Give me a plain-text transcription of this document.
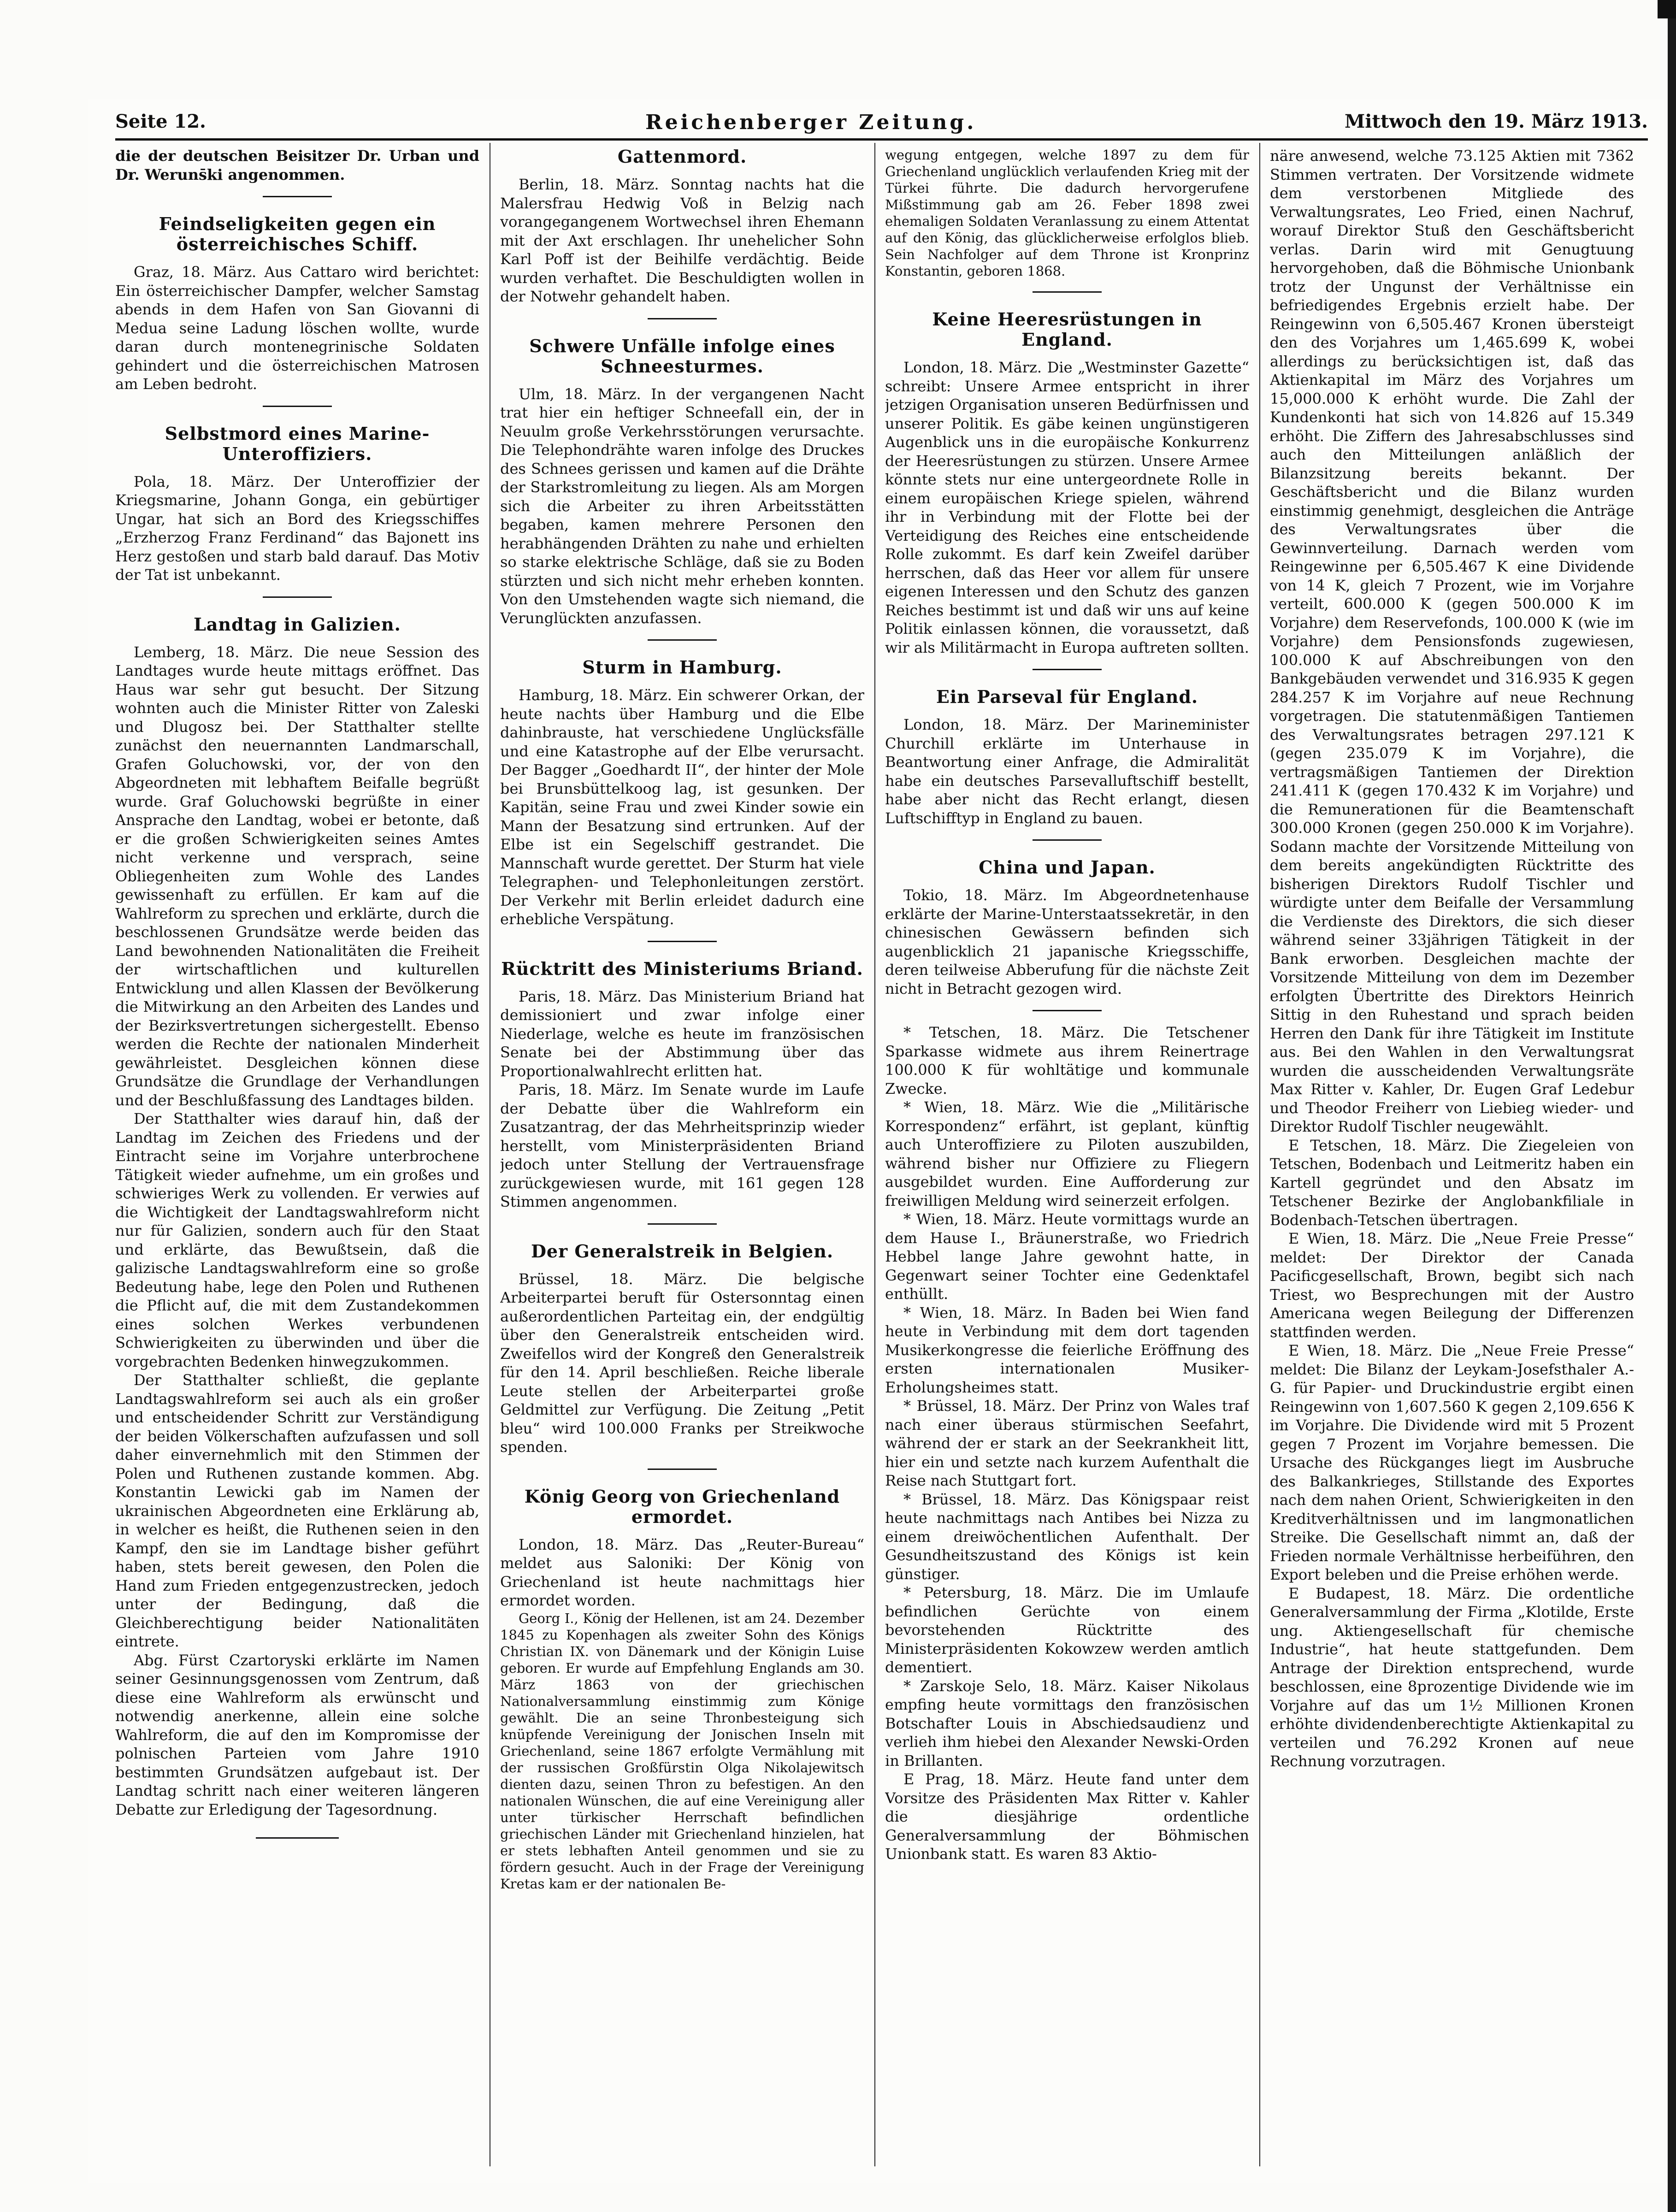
Seite 12.	Reichenberger Zeitung.	Mittwoch den 19. März 1913.

die der deutschen Beisitzer Dr. Urban und Dr. Weruns̄ki angenommen.

Feindseligkeiten gegen ein österreichisches Schiff.

Graz, 18. März. Aus Cattaro wird berichtet: Ein österreichischer Dampfer, welcher Samstag abends in dem Hafen von San Giovanni di Medua seine Ladung löschen wollte, wurde daran durch montenegrinische Soldaten gehindert und die österreichischen Matrosen am Leben bedroht.

Selbstmord eines Marine-Unteroffiziers.

Pola, 18. März. Der Unteroffizier der Kriegsmarine, Johann Gonga, ein gebürtiger Ungar, hat sich an Bord des Kriegsschiffes „Erzherzog Franz Ferdinand“ das Bajonett ins Herz gestoßen und starb bald darauf. Das Motiv der Tat ist unbekannt.

Landtag in Galizien.

Lemberg, 18. März. Die neue Session des Landtages wurde heute mittags eröffnet. Das Haus war sehr gut besucht. Der Sitzung wohnten auch die Minister Ritter von Zaleski und Dlugosz bei. Der Statthalter stellte zunächst den neuernannten Landmarschall, Grafen Goluchowski, vor, der von den Abgeordneten mit lebhaftem Beifalle begrüßt wurde. Graf Goluchowski begrüßte in einer Ansprache den Landtag, wobei er betonte, daß er die großen Schwierigkeiten seines Amtes nicht verkenne und versprach, seine Obliegenheiten zum Wohle des Landes gewissenhaft zu erfüllen. Er kam auf die Wahlreform zu sprechen und erklärte, durch die beschlossenen Grundsätze werde beiden das Land bewohnenden Nationalitäten die Freiheit der wirtschaftlichen und kulturellen Entwicklung und allen Klassen der Bevölkerung die Mitwirkung an den Arbeiten des Landes und der Bezirksvertretungen sichergestellt. Ebenso werden die Rechte der nationalen Minderheit gewährleistet. Desgleichen können diese Grundsätze die Grundlage der Verhandlungen und der Beschlußfassung des Landtages bilden.

Der Statthalter wies darauf hin, daß der Landtag im Zeichen des Friedens und der Eintracht seine im Vorjahre unterbrochene Tätigkeit wieder aufnehme, um ein großes und schwieriges Werk zu vollenden. Er verwies auf die Wichtigkeit der Landtagswahlreform nicht nur für Galizien, sondern auch für den Staat und erklärte, das Bewußtsein, daß die galizische Landtagswahlreform eine so große Bedeutung habe, lege den Polen und Ruthenen die Pflicht auf, die mit dem Zustandekommen eines solchen Werkes verbundenen Schwierigkeiten zu überwinden und über die vorgebrachten Bedenken hinwegzukommen.

Der Statthalter schließt, die geplante Landtagswahlreform sei auch als ein großer und entscheidender Schritt zur Verständigung der beiden Völkerschaften aufzufassen und soll daher einvernehmlich mit den Stimmen der Polen und Ruthenen zustande kommen. Abg. Konstantin Lewicki gab im Namen der ukrainischen Abgeordneten eine Erklärung ab, in welcher es heißt, die Ruthenen seien in den Kampf, den sie im Landtage bisher geführt haben, stets bereit gewesen, den Polen die Hand zum Frieden entgegenzustrecken, jedoch unter der Bedingung, daß die Gleichberechtigung beider Nationalitäten eintrete.

Abg. Fürst Czartoryski erklärte im Namen seiner Gesinnungsgenossen vom Zentrum, daß diese eine Wahlreform als erwünscht und notwendig anerkenne, allein eine solche Wahlreform, die auf den im Kompromisse der polnischen Parteien vom Jahre 1910 bestimmten Grundsätzen aufgebaut ist. Der Landtag schritt nach einer weiteren längeren Debatte zur Erledigung der Tagesordnung.

Gattenmord.

Berlin, 18. März. Sonntag nachts hat die Malersfrau Hedwig Voß in Belzig nach vorangegangenem Wortwechsel ihren Ehemann mit der Axt erschlagen. Ihr unehelicher Sohn Karl Poff ist der Beihilfe verdächtig. Beide wurden verhaftet. Die Beschuldigten wollen in der Notwehr gehandelt haben.

Schwere Unfälle infolge eines Schneesturmes.

Ulm, 18. März. In der vergangenen Nacht trat hier ein heftiger Schneefall ein, der in Neuulm große Verkehrsstörungen verursachte. Die Telephondrähte waren infolge des Druckes des Schnees gerissen und kamen auf die Drähte der Starkstromleitung zu liegen. Als am Morgen sich die Arbeiter zu ihren Arbeitsstätten begaben, kamen mehrere Personen den herabhängenden Drähten zu nahe und erhielten so starke elektrische Schläge, daß sie zu Boden stürzten und sich nicht mehr erheben konnten. Von den Umstehenden wagte sich niemand, die Verunglückten anzufassen.

Sturm in Hamburg.

Hamburg, 18. März. Ein schwerer Orkan, der heute nachts über Hamburg und die Elbe dahinbrauste, hat verschiedene Unglücksfälle und eine Katastrophe auf der Elbe verursacht. Der Bagger „Goedhardt II“, der hinter der Mole bei Brunsbüttelkoog lag, ist gesunken. Der Kapitän, seine Frau und zwei Kinder sowie ein Mann der Besatzung sind ertrunken. Auf der Elbe ist ein Segelschiff gestrandet. Die Mannschaft wurde gerettet. Der Sturm hat viele Telegraphen- und Telephonleitungen zerstört. Der Verkehr mit Berlin erleidet dadurch eine erhebliche Verspätung.

Rücktritt des Ministeriums Briand.

Paris, 18. März. Das Ministerium Briand hat demissioniert und zwar infolge einer Niederlage, welche es heute im französischen Senate bei der Abstimmung über das Proportionalwahlrecht erlitten hat.

Paris, 18. März. Im Senate wurde im Laufe der Debatte über die Wahlreform ein Zusatzantrag, der das Mehrheitsprinzip wieder herstellt, vom Ministerpräsidenten Briand jedoch unter Stellung der Vertrauensfrage zurückgewiesen wurde, mit 161 gegen 128 Stimmen angenommen.

Der Generalstreik in Belgien.

Brüssel, 18. März. Die belgische Arbeiterpartei beruft für Ostersonntag einen außerordentlichen Parteitag ein, der endgültig über den Generalstreik entscheiden wird. Zweifellos wird der Kongreß den Generalstreik für den 14. April beschließen. Reiche liberale Leute stellen der Arbeiterpartei große Geldmittel zur Verfügung. Die Zeitung „Petit bleu“ wird 100.000 Franks per Streikwoche spenden.

König Georg von Griechenland ermordet.

London, 18. März. Das „Reuter-Bureau“ meldet aus Saloniki: Der König von Griechenland ist heute nachmittags hier ermordet worden.

Georg I., König der Hellenen, ist am 24. Dezember 1845 zu Kopenhagen als zweiter Sohn des Königs Christian IX. von Dänemark und der Königin Luise geboren. Er wurde auf Empfehlung Englands am 30. März 1863 von der griechischen Nationalversammlung einstimmig zum Könige gewählt. Die an seine Thronbesteigung sich knüpfende Vereinigung der Jonischen Inseln mit Griechenland, seine 1867 erfolgte Vermählung mit der russischen Großfürstin Olga Nikolajewitsch dienten dazu, seinen Thron zu befestigen. An den nationalen Wünschen, die auf eine Vereinigung aller unter türkischer Herrschaft befindlichen griechischen Länder mit Griechenland hinzielen, hat er stets lebhaften Anteil genommen und sie zu fördern gesucht. Auch in der Frage der Vereinigung Kretas kam er der nationalen Be-

wegung entgegen, welche 1897 zu dem für Griechenland unglücklich verlaufenden Krieg mit der Türkei führte. Die dadurch hervorgerufene Mißstimmung gab am 26. Feber 1898 zwei ehemaligen Soldaten Veranlassung zu einem Attentat auf den König, das glücklicherweise erfolglos blieb. Sein Nachfolger auf dem Throne ist Kronprinz Konstantin, geboren 1868.

Keine Heeresrüstungen in England.

London, 18. März. Die „Westminster Gazette“ schreibt: Unsere Armee entspricht in ihrer jetzigen Organisation unseren Bedürfnissen und unserer Politik. Es gäbe keinen ungünstigeren Augenblick uns in die europäische Konkurrenz der Heeresrüstungen zu stürzen. Unsere Armee könnte stets nur eine untergeordnete Rolle in einem europäischen Kriege spielen, während ihr in Verbindung mit der Flotte bei der Verteidigung des Reiches eine entscheidende Rolle zukommt. Es darf kein Zweifel darüber herrschen, daß das Heer vor allem für unsere eigenen Interessen und den Schutz des ganzen Reiches bestimmt ist und daß wir uns auf keine Politik einlassen können, die voraussetzt, daß wir als Militärmacht in Europa auftreten sollten.

Ein Parseval für England.

London, 18. März. Der Marineminister Churchill erklärte im Unterhause in Beantwortung einer Anfrage, die Admiralität habe ein deutsches Parsevalluftschiff bestellt, habe aber nicht das Recht erlangt, diesen Luftschifftyp in England zu bauen.

China und Japan.

Tokio, 18. März. Im Abgeordnetenhause erklärte der Marine-Unterstaatssekretär, in den chinesischen Gewässern befinden sich augenblicklich 21 japanische Kriegsschiffe, deren teilweise Abberufung für die nächste Zeit nicht in Betracht gezogen wird.

* Tetschen, 18. März. Die Tetschener Sparkasse widmete aus ihrem Reinertrage 100.000 K für wohltätige und kommunale Zwecke.

* Wien, 18. März. Wie die „Militärische Korrespondenz“ erfährt, ist geplant, künftig auch Unteroffiziere zu Piloten auszubilden, während bisher nur Offiziere zu Fliegern ausgebildet wurden. Eine Aufforderung zur freiwilligen Meldung wird seinerzeit erfolgen.

* Wien, 18. März. Heute vormittags wurde an dem Hause I., Bräunerstraße, wo Friedrich Hebbel lange Jahre gewohnt hatte, in Gegenwart seiner Tochter eine Gedenktafel enthüllt.

* Wien, 18. März. In Baden bei Wien fand heute in Verbindung mit dem dort tagenden Musikerkongresse die feierliche Eröffnung des ersten internationalen Musiker-Erholungsheimes statt.

* Brüssel, 18. März. Der Prinz von Wales traf nach einer überaus stürmischen Seefahrt, während der er stark an der Seekrankheit litt, hier ein und setzte nach kurzem Aufenthalt die Reise nach Stuttgart fort.

* Brüssel, 18. März. Das Königspaar reist heute nachmittags nach Antibes bei Nizza zu einem dreiwöchentlichen Aufenthalt. Der Gesundheitszustand des Königs ist kein günstiger.

* Petersburg, 18. März. Die im Umlaufe befindlichen Gerüchte von einem bevorstehenden Rücktritte des Ministerpräsidenten Kokowzew werden amtlich dementiert.

* Zarskoje Selo, 18. März. Kaiser Nikolaus empfing heute vormittags den französischen Botschafter Louis in Abschiedsaudienz und verlieh ihm hiebei den Alexander Newski-Orden in Brillanten.

E Prag, 18. März. Heute fand unter dem Vorsitze des Präsidenten Max Ritter v. Kahler die diesjährige ordentliche Generalversammlung der Böhmischen Unionbank statt. Es waren 83 Aktio-

näre anwesend, welche 73.125 Aktien mit 7362 Stimmen vertraten. Der Vorsitzende widmete dem verstorbenen Mitgliede des Verwaltungsrates, Leo Fried, einen Nachruf, worauf Direktor Stuß den Geschäftsbericht verlas. Darin wird mit Genugtuung hervorgehoben, daß die Böhmische Unionbank trotz der Ungunst der Verhältnisse ein befriedigendes Ergebnis erzielt habe. Der Reingewinn von 6,505.467 Kronen übersteigt den des Vorjahres um 1,465.699 K, wobei allerdings zu berücksichtigen ist, daß das Aktienkapital im März des Vorjahres um 15,000.000 K erhöht wurde. Die Zahl der Kundenkonti hat sich von 14.826 auf 15.349 erhöht. Die Ziffern des Jahresabschlusses sind auch den Mitteilungen anläßlich der Bilanzsitzung bereits bekannt. Der Geschäftsbericht und die Bilanz wurden einstimmig genehmigt, desgleichen die Anträge des Verwaltungsrates über die Gewinnverteilung. Darnach werden vom Reingewinne per 6,505.467 K eine Dividende von 14 K, gleich 7 Prozent, wie im Vorjahre verteilt, 600.000 K (gegen 500.000 K im Vorjahre) dem Reservefonds, 100.000 K (wie im Vorjahre) dem Pensionsfonds zugewiesen, 100.000 K auf Abschreibungen von den Bankgebäuden verwendet und 316.935 K gegen 284.257 K im Vorjahre auf neue Rechnung vorgetragen. Die statutenmäßigen Tantiemen des Verwaltungsrates betragen 297.121 K (gegen 235.079 K im Vorjahre), die vertragsmäßigen Tantiemen der Direktion 241.411 K (gegen 170.432 K im Vorjahre) und die Remunerationen für die Beamtenschaft 300.000 Kronen (gegen 250.000 K im Vorjahre). Sodann machte der Vorsitzende Mitteilung von dem bereits angekündigten Rücktritte des bisherigen Direktors Rudolf Tischler und würdigte unter dem Beifalle der Versammlung die Verdienste des Direktors, die sich dieser während seiner 33jährigen Tätigkeit in der Bank erworben. Desgleichen machte der Vorsitzende Mitteilung von dem im Dezember erfolgten Übertritte des Direktors Heinrich Sittig in den Ruhestand und sprach beiden Herren den Dank für ihre Tätigkeit im Institute aus. Bei den Wahlen in den Verwaltungsrat wurden die ausscheidenden Verwaltungsräte Max Ritter v. Kahler, Dr. Eugen Graf Ledebur und Theodor Freiherr von Liebieg wieder- und Direktor Rudolf Tischler neugewählt.

E Tetschen, 18. März. Die Ziegeleien von Tetschen, Bodenbach und Leitmeritz haben ein Kartell gegründet und den Absatz im Tetschener Bezirke der Anglobankfiliale in Bodenbach-Tetschen übertragen.

E Wien, 18. März. Die „Neue Freie Presse“ meldet: Der Direktor der Canada Pacificgesellschaft, Brown, begibt sich nach Triest, wo Besprechungen mit der Austro Americana wegen Beilegung der Differenzen stattfinden werden.

E Wien, 18. März. Die „Neue Freie Presse“ meldet: Die Bilanz der Leykam-Josefsthaler A.-G. für Papier- und Druckindustrie ergibt einen Reingewinn von 1,607.560 K gegen 2,109.656 K im Vorjahre. Die Dividende wird mit 5 Prozent gegen 7 Prozent im Vorjahre bemessen. Die Ursache des Rückganges liegt im Ausbruche des Balkankrieges, Stillstande des Exportes nach dem nahen Orient, Schwierigkeiten in den Kreditverhältnissen und im langmonatlichen Streike. Die Gesellschaft nimmt an, daß der Frieden normale Verhältnisse herbeiführen, den Export beleben und die Preise erhöhen werde.

E Budapest, 18. März. Die ordentliche Generalversammlung der Firma „Klotilde, Erste ung. Aktiengesellschaft für chemische Industrie“, hat heute stattgefunden. Dem Antrage der Direktion entsprechend, wurde beschlossen, eine 8prozentige Dividende wie im Vorjahre auf das um 1½ Millionen Kronen erhöhte dividendenberechtigte Aktienkapital zu verteilen und 76.292 Kronen auf neue Rechnung vorzutragen.
